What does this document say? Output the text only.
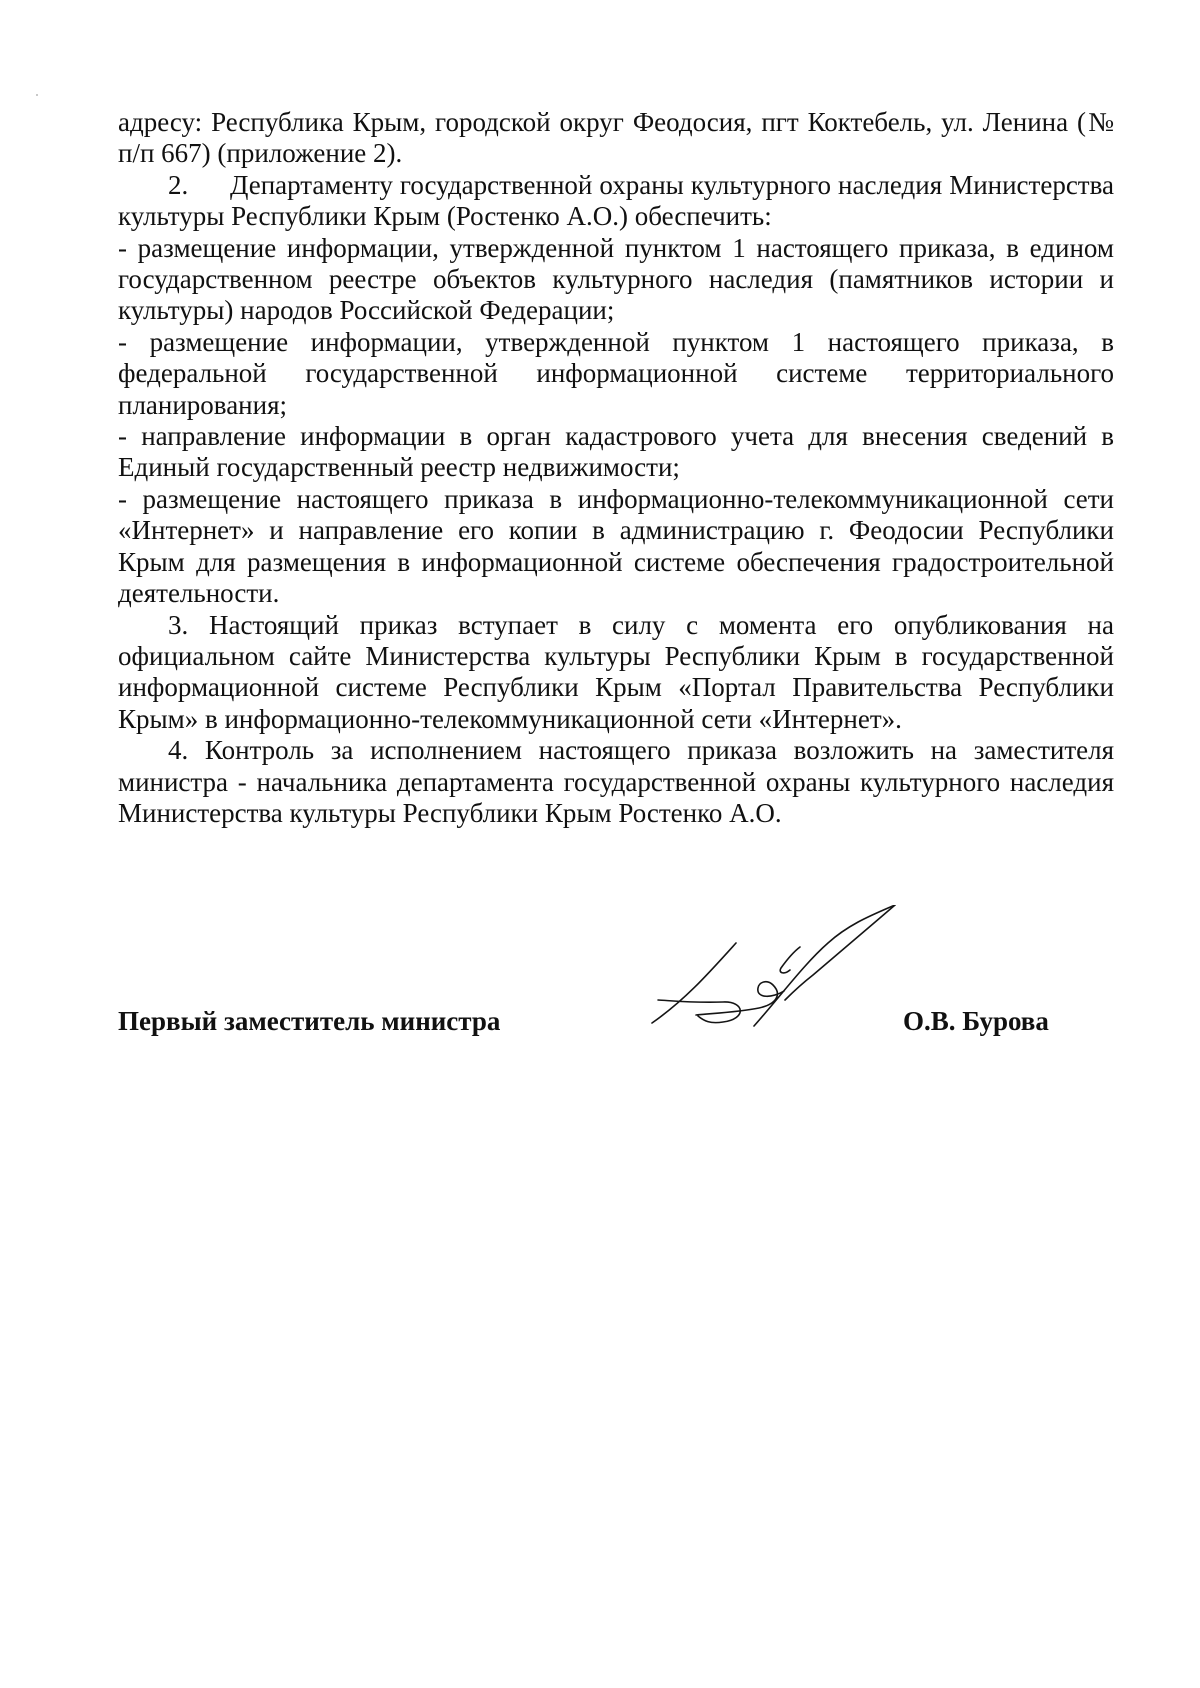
адресу: Республика Крым, городской округ Феодосия, пгт Коктебель, ул. Ленина (№ п/п 667) (приложение 2).

2. Департаменту государственной охраны культурного наследия Министерства культуры Республики Крым (Ростенко А.О.) обеспечить:

- размещение информации, утвержденной пунктом 1 настоящего приказа, в едином государственном реестре объектов культурного наследия (памятников истории и культуры) народов Российской Федерации;

- размещение информации, утвержденной пунктом 1 настоящего приказа, в федеральной государственной информационной системе территориального планирования;

- направление информации в орган кадастрового учета для внесения сведений в Единый государственный реестр недвижимости;

- размещение настоящего приказа в информационно-телекоммуникационной сети «Интернет» и направление его копии в администрацию г. Феодосии Республики Крым для размещения в информационной системе обеспечения градостроительной деятельности.

3. Настоящий приказ вступает в силу с момента его опубликования на официальном сайте Министерства культуры Республики Крым в государственной информационной системе Республики Крым «Портал Правительства Республики Крым» в информационно-телекоммуникационной сети «Интернет».

4. Контроль за исполнением настоящего приказа возложить на заместителя министра - начальника департамента государственной охраны культурного наследия Министерства культуры Республики Крым Ростенко А.О.

Первый заместитель министра	О.В. Бурова
